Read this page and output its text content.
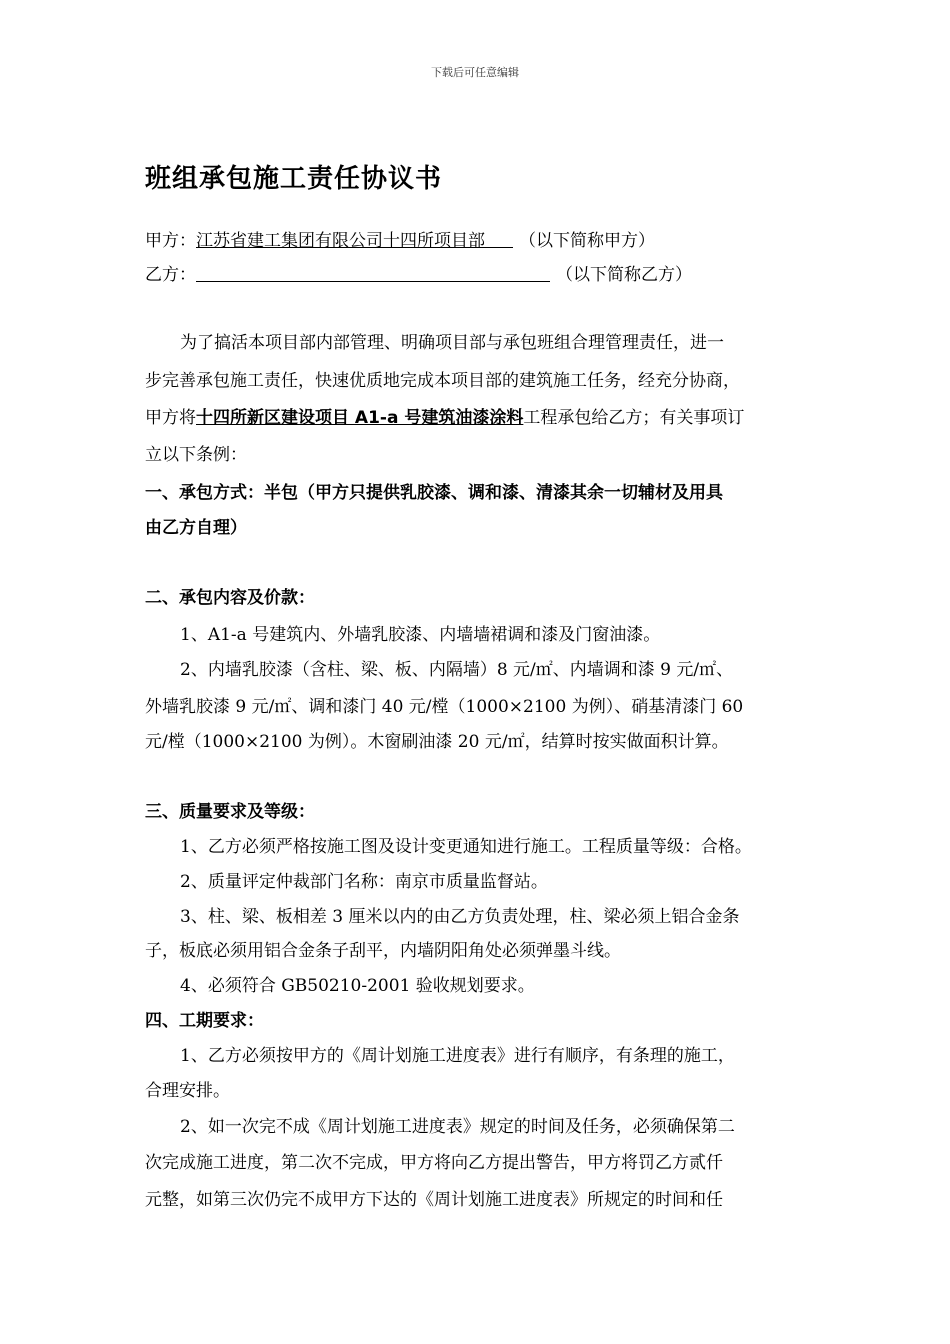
下载后可任意编辑
班组承包施工责任协议书
甲方：江苏省建工集团有限公司十四所项目部 （以下简称甲方）
乙方：	（以下简称乙方）
为了搞活本项目部内部管理、明确项目部与承包班组合理管理责任，进一
步完善承包施工责任，快速优质地完成本项目部的建筑施工任务，经充分协商，
甲方将十四所新区建设项目 A1-a 号建筑油漆涂料工程承包给乙方；有关事项订
立以下条例：
一、承包方式：半包（甲方只提供乳胶漆、调和漆、清漆其余一切辅材及用具
由乙方自理）
二、承包内容及价款：
1、A1-a 号建筑内、外墙乳胶漆、内墙墙裙调和漆及门窗油漆。
2、内墙乳胶漆（含柱、梁、板、内隔墙）8 元/㎡、内墙调和漆 9 元/㎡、
外墙乳胶漆 9 元/㎡、调和漆门 40 元/樘（1000×2100 为例）、硝基清漆门 60
元/樘（1000×2100 为例）。木窗刷油漆 20 元/㎡，结算时按实做面积计算。
三、质量要求及等级：
1、乙方必须严格按施工图及设计变更通知进行施工。工程质量等级：合格。
2、质量评定仲裁部门名称：南京市质量监督站。
3、柱、梁、板相差 3 厘米以内的由乙方负责处理，柱、梁必须上铝合金条
子，板底必须用铝合金条子刮平，内墙阴阳角处必须弹墨斗线。
4、必须符合 GB50210-2001 验收规划要求。
四、工期要求：
1、乙方必须按甲方的《周计划施工进度表》进行有顺序，有条理的施工，
合理安排。
2、如一次完不成《周计划施工进度表》规定的时间及任务，必须确保第二
次完成施工进度，第二次不完成，甲方将向乙方提出警告，甲方将罚乙方贰仟
元整，如第三次仍完不成甲方下达的《周计划施工进度表》所规定的时间和任
